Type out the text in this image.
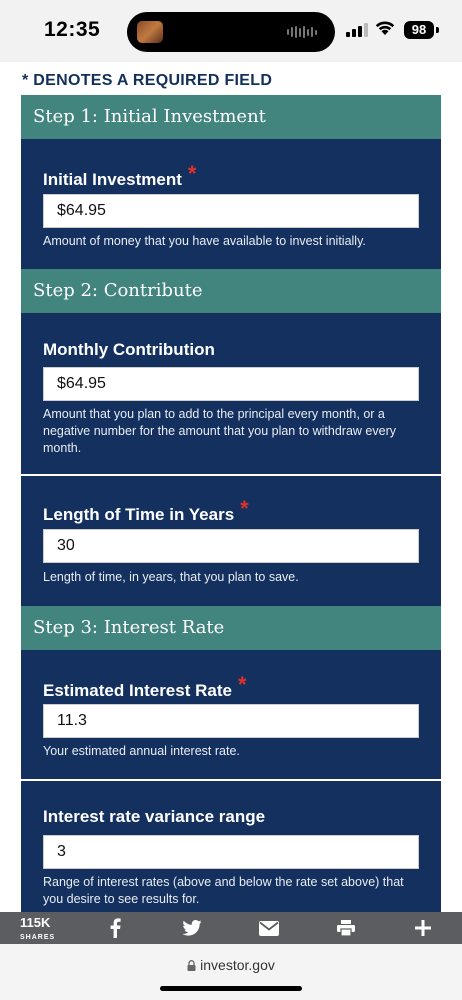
12:35	98
* DENOTES A REQUIRED FIELD
Step 1: Initial Investment
Initial Investment *
$64.95
Amount of money that you have available to invest initially.
Step 2: Contribute
Monthly Contribution
$64.95
Amount that you plan to add to the principal every month, or a negative number for the amount that you plan to withdraw every month.
Length of Time in Years *
30
Length of time, in years, that you plan to save.
Step 3: Interest Rate
Estimated Interest Rate *
11.3
Your estimated annual interest rate.
Interest rate variance range
3
Range of interest rates (above and below the rate set above) that you desire to see results for.
115K
SHARES
investor.gov
